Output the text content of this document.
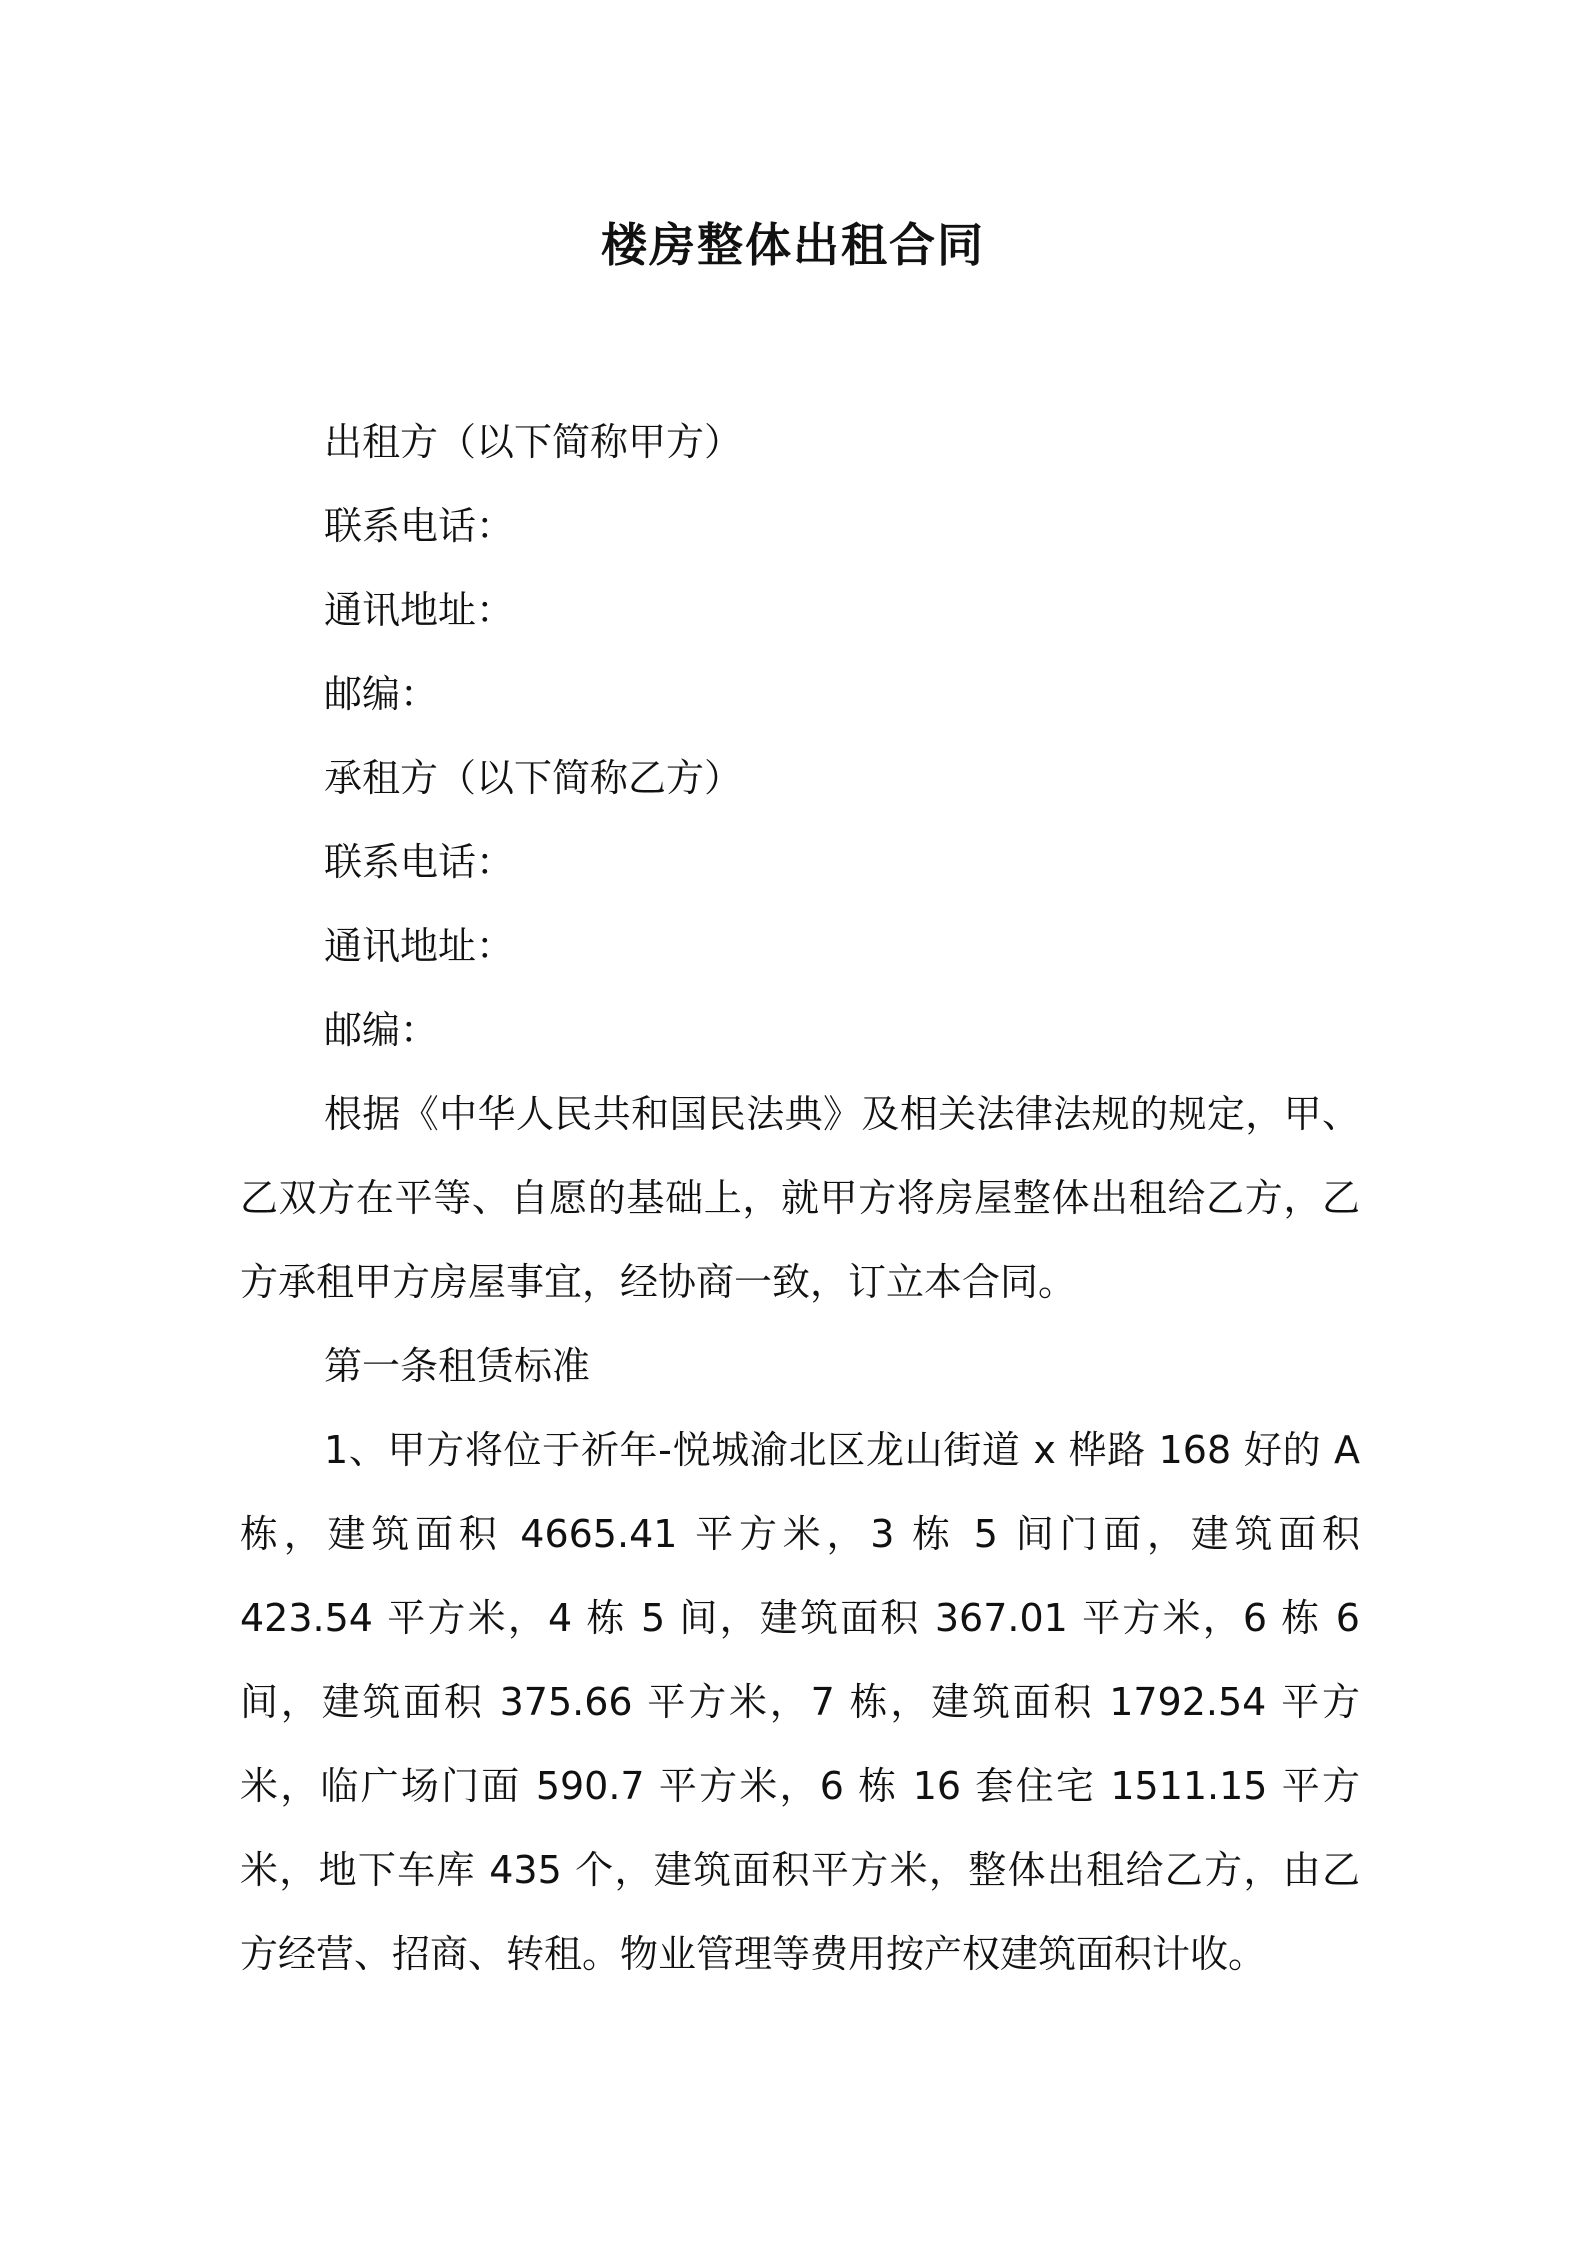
楼房整体出租合同
出租方（以下简称甲方）
联系电话：
通讯地址：
邮编：
承租方（以下简称乙方）
联系电话：
通讯地址：
邮编：

根据《中华人民共和国民法典》及相关法律法规的规定，甲、乙双方在平等、自愿的基础上，就甲方将房屋整体出租给乙方，乙方承租甲方房屋事宜，经协商一致，订立本合同。

第一条租赁标准

1、甲方将位于祈年-悦城渝北区龙山街道 x 桦路 168 好的 A 栋，建筑面积 4665.41 平方米，3 栋 5 间门面，建筑面积 423.54 平方米，4 栋 5 间，建筑面积 367.01 平方米，6 栋 6 间，建筑面积 375.66 平方米，7 栋，建筑面积 1792.54 平方米，临广场门面 590.7 平方米，6 栋 16 套住宅 1511.15 平方米，地下车库 435 个，建筑面积平方米，整体出租给乙方，由乙方经营、招商、转租。物业管理等费用按产权建筑面积计收。
